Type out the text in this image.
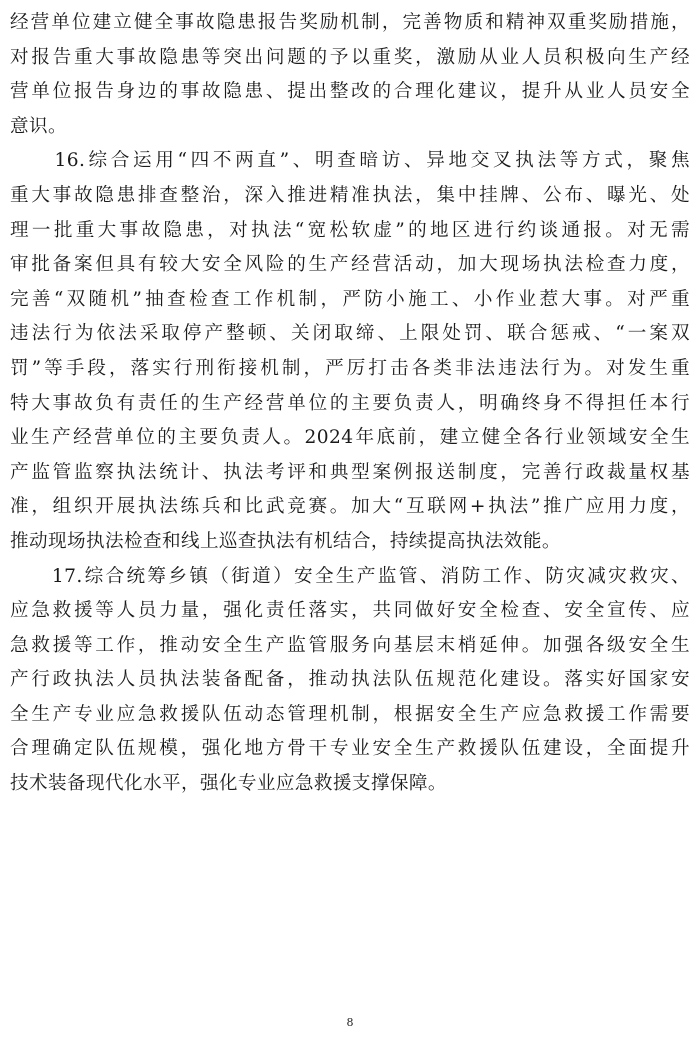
经营单位建立健全事故隐患报告奖励机制，完善物质和精神双重奖励措施，
对报告重大事故隐患等突出问题的予以重奖，激励从业人员积极向生产经
营单位报告身边的事故隐患、提出整改的合理化建议，提升从业人员安全
意识。
　　16.综合运用“四不两直”、明查暗访、异地交叉执法等方式，聚焦
重大事故隐患排查整治，深入推进精准执法，集中挂牌、公布、曝光、处
理一批重大事故隐患，对执法“宽松软虚”的地区进行约谈通报。对无需
审批备案但具有较大安全风险的生产经营活动，加大现场执法检查力度，
完善“双随机”抽查检查工作机制，严防小施工、小作业惹大事。对严重
违法行为依法采取停产整顿、关闭取缔、上限处罚、联合惩戒、“一案双
罚”等手段，落实行刑衔接机制，严厉打击各类非法违法行为。对发生重
特大事故负有责任的生产经营单位的主要负责人，明确终身不得担任本行
业生产经营单位的主要负责人。2024年底前，建立健全各行业领域安全生
产监管监察执法统计、执法考评和典型案例报送制度，完善行政裁量权基
准，组织开展执法练兵和比武竞赛。加大“互联网+执法”推广应用力度，
推动现场执法检查和线上巡查执法有机结合，持续提高执法效能。
　　17.综合统筹乡镇（街道）安全生产监管、消防工作、防灾减灾救灾、
应急救援等人员力量，强化责任落实，共同做好安全检查、安全宣传、应
急救援等工作，推动安全生产监管服务向基层末梢延伸。加强各级安全生
产行政执法人员执法装备配备，推动执法队伍规范化建设。落实好国家安
全生产专业应急救援队伍动态管理机制，根据安全生产应急救援工作需要
合理确定队伍规模，强化地方骨干专业安全生产救援队伍建设，全面提升
技术装备现代化水平，强化专业应急救援支撑保障。
8
